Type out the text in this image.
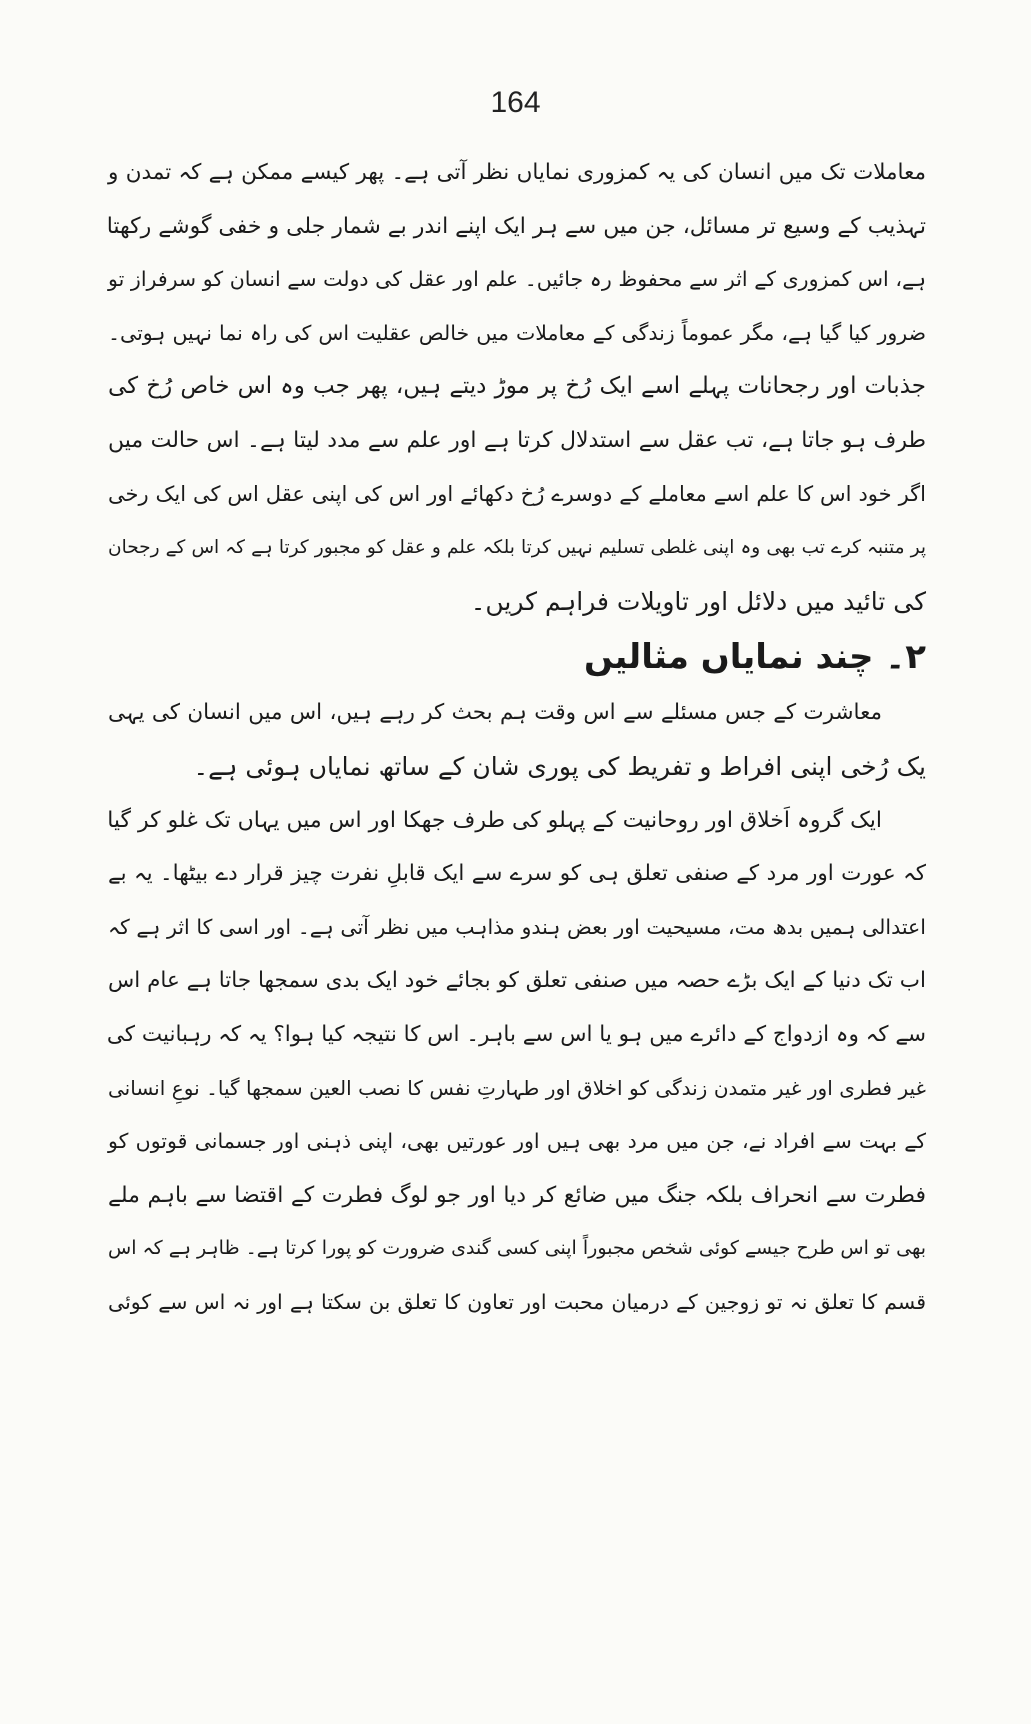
164
معاملات تک میں انسان کی یہ کمزوری نمایاں نظر آتی ہے۔ پھر کیسے ممکن ہے کہ تمدن و
تہذیب کے وسیع تر مسائل، جن میں سے ہر ایک اپنے اندر بے شمار جلی و خفی گوشے رکھتا
ہے، اس کمزوری کے اثر سے محفوظ رہ جائیں۔ علم اور عقل کی دولت سے انسان کو سرفراز تو
ضرور کیا گیا ہے، مگر عموماً زندگی کے معاملات میں خالص عقلیت اس کی راہ نما نہیں ہوتی۔
جذبات اور رجحانات پہلے اسے ایک رُخ پر موڑ دیتے ہیں، پھر جب وہ اس خاص رُخ کی
طرف ہو جاتا ہے، تب عقل سے استدلال کرتا ہے اور علم سے مدد لیتا ہے۔ اس حالت میں
اگر خود اس کا علم اسے معاملے کے دوسرے رُخ دکھائے اور اس کی اپنی عقل اس کی ایک رخی
پر متنبہ کرے تب بھی وہ اپنی غلطی تسلیم نہیں کرتا بلکہ علم و عقل کو مجبور کرتا ہے کہ اس کے رجحان
کی تائید میں دلائل اور تاویلات فراہم کریں۔
۲۔ چند نمایاں مثالیں
معاشرت کے جس مسئلے سے اس وقت ہم بحث کر رہے ہیں، اس میں انسان کی یہی
یک رُخی اپنی افراط و تفریط کی پوری شان کے ساتھ نمایاں ہوئی ہے۔
ایک گروہ اَخلاق اور روحانیت کے پہلو کی طرف جھکا اور اس میں یہاں تک غلو کر گیا
کہ عورت اور مرد کے صنفی تعلق ہی کو سرے سے ایک قابلِ نفرت چیز قرار دے بیٹھا۔ یہ بے
اعتدالی ہمیں بدھ مت، مسیحیت اور بعض ہندو مذاہب میں نظر آتی ہے۔ اور اسی کا اثر ہے کہ
اب تک دنیا کے ایک بڑے حصہ میں صنفی تعلق کو بجائے خود ایک بدی سمجھا جاتا ہے عام اس
سے کہ وہ ازدواج کے دائرے میں ہو یا اس سے باہر۔ اس کا نتیجہ کیا ہوا؟ یہ کہ رہبانیت کی
غیر فطری اور غیر متمدن زندگی کو اخلاق اور طہارتِ نفس کا نصب العین سمجھا گیا۔ نوعِ انسانی
کے بہت سے افراد نے، جن میں مرد بھی ہیں اور عورتیں بھی، اپنی ذہنی اور جسمانی قوتوں کو
فطرت سے انحراف بلکہ جنگ میں ضائع کر دیا اور جو لوگ فطرت کے اقتضا سے باہم ملے
بھی تو اس طرح جیسے کوئی شخص مجبوراً اپنی کسی گندی ضرورت کو پورا کرتا ہے۔ ظاہر ہے کہ اس
قسم کا تعلق نہ تو زوجین کے درمیان محبت اور تعاون کا تعلق بن سکتا ہے اور نہ اس سے کوئی
